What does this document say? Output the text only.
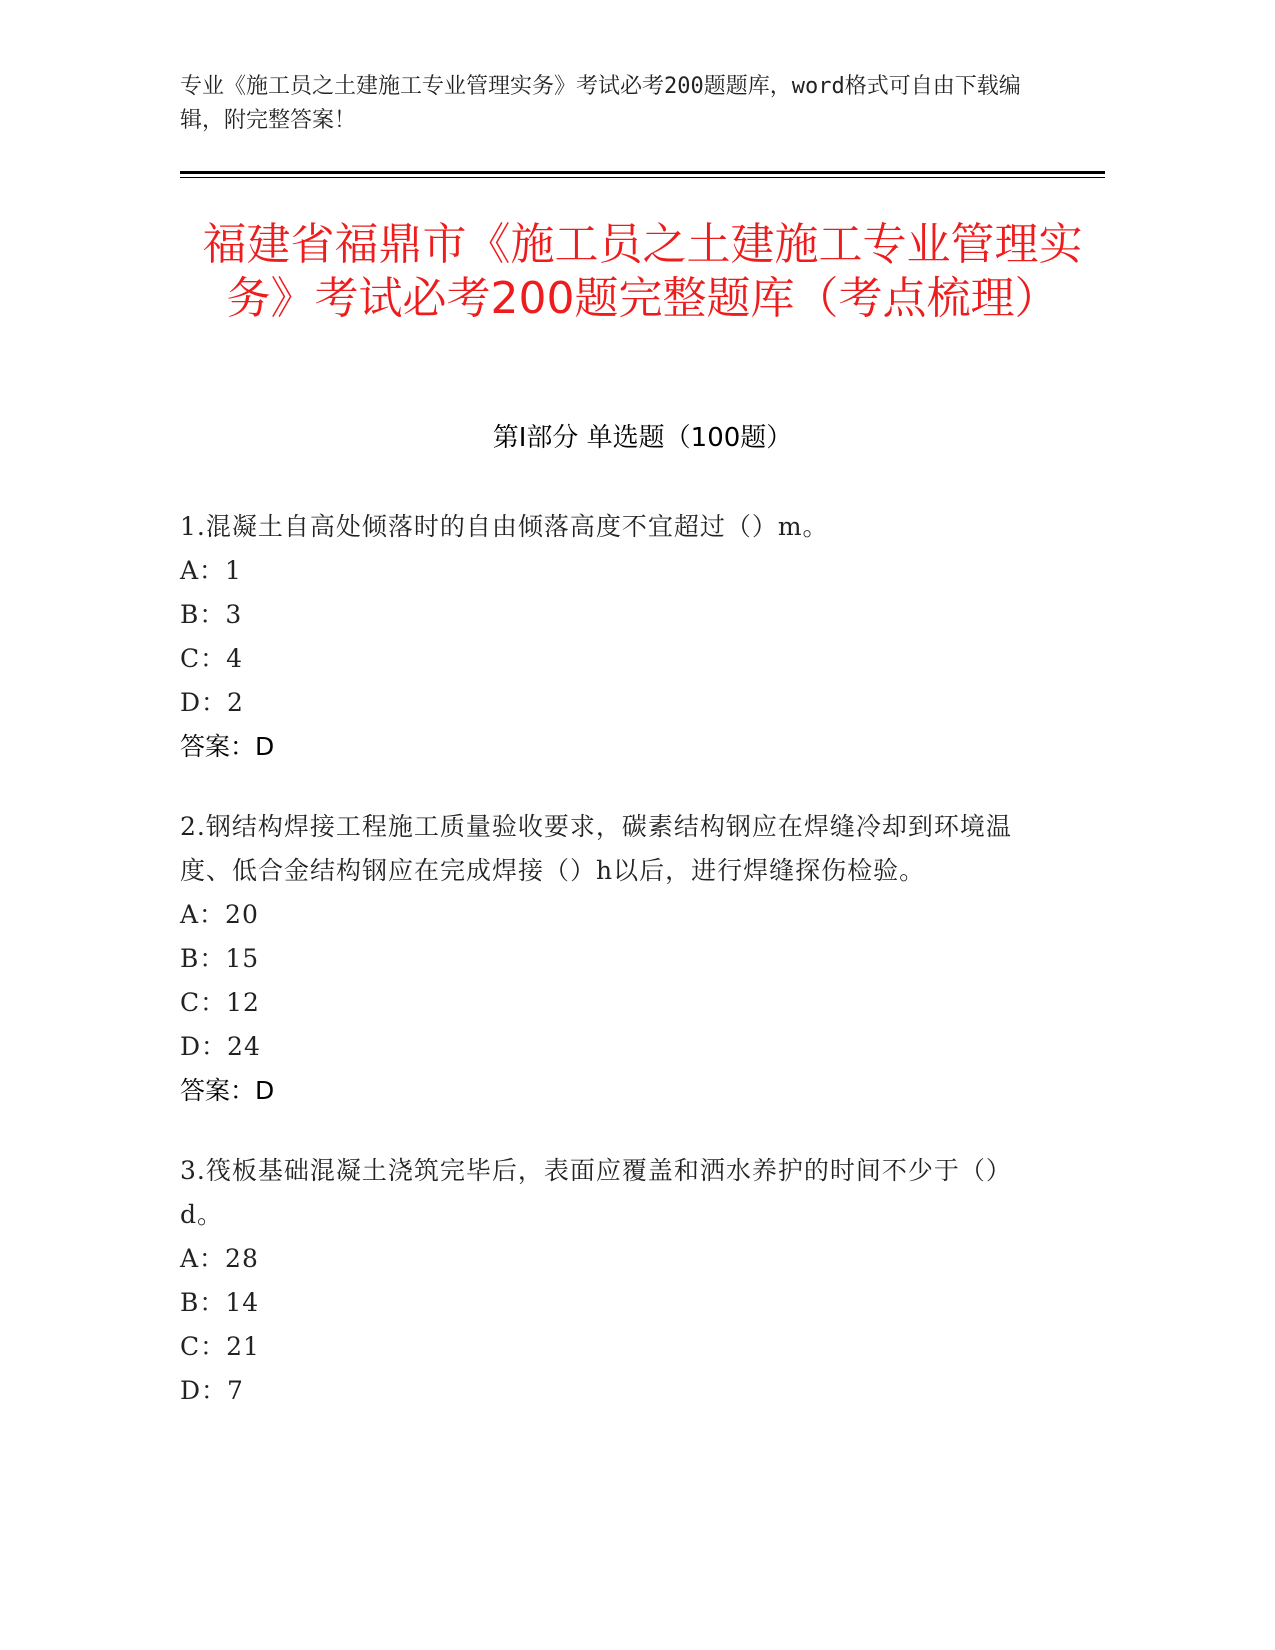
专业《施工员之土建施工专业管理实务》考试必考200题题库，word格式可自由下载编辑，附完整答案！
福建省福鼎市《施工员之土建施工专业管理实务》考试必考200题完整题库（考点梳理）
第I部分 单选题（100题）
1.混凝土自高处倾落时的自由倾落高度不宜超过（）m。
A：1
B：3
C：4
D：2
答案：D
2.钢结构焊接工程施工质量验收要求，碳素结构钢应在焊缝冷却到环境温度、低合金结构钢应在完成焊接（）h以后，进行焊缝探伤检验。
A：20
B：15
C：12
D：24
答案：D
3.筏板基础混凝土浇筑完毕后，表面应覆盖和洒水养护的时间不少于（）d。
A：28
B：14
C：21
D：7
